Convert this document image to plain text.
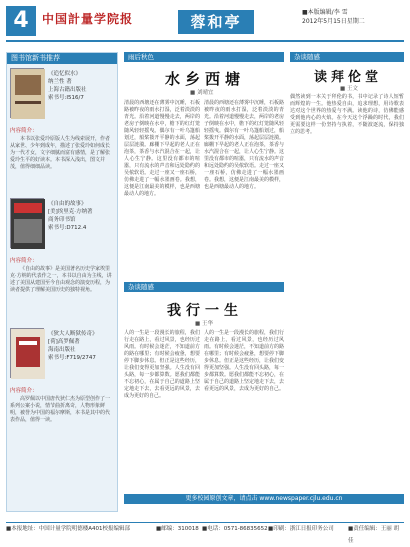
4	中国計量学院报	蓉和亭
■本版编辑/李 雪
2012年5月15日星期二
图书馆新书推荐
《追忆似水》
纳兰性 著
上海古籍出版社
索书号:I516/7
内容简介：
本书以张爱玲原版人生为线索展开，作者从家世、少年到成年，描述了张爱玲如何成长为一代才女，文字细腻而富有感情，是了解张爱玲生平的好读本。本书深入浅出，图文并茂，值得细细品读。
《自由的故事》
[美]埃里克·方纳著
商务印书馆
索书号:D712.4
内容简介：
《自由的故事》是美国著名历史学家埃里克·方纳的代表作之一，本书以自由为主线，讲述了美国从建国至今自由观念的演变历程，为读者提供了理解美国历史的独特视角。
《狄大人断狱传奇》
[荷]高罗佩著
海南出版社
索书号:F719/2747
内容简介：
高罗佩以中国唐代狄仁杰为原型创作了一系列公案小说，情节曲折离奇，人物形象鲜明，被誉为中国的福尔摩斯，本书是其中的代表作品，值得一读。
雨后秋色
水乡西塘
■ 刘晴宜
清晨的西塘还在薄雾中沉睡，石板路被昨夜的雨水打湿，泛着淡淡的青光。沿着河道慢慢走去，两岸的老房子倒映在水中，檐下的红灯笼随风轻轻摇曳。偶尔有一叶乌篷船划过，船桨拨开平静的水面，荡起层层涟漪。廊棚下早起的老人正在泡茶，茶香与水汽混合在一起，让人心生宁静。这里没有都市的喧嚣，只有流水的声音和远处隐约的吴侬软语。走过一座又一座石桥，仿佛走进了一幅水墨画卷。我想，这便是江南最美的模样，也是西塘最动人的地方。
清晨的西塘还在薄雾中沉睡，石板路被昨夜的雨水打湿，泛着淡淡的青光。沿着河道慢慢走去，两岸的老房子倒映在水中，檐下的红灯笼随风轻轻摇曳。偶尔有一叶乌篷船划过，船桨拨开平静的水面，荡起层层涟漪。廊棚下早起的老人正在泡茶，茶香与水汽混合在一起，让人心生宁静。这里没有都市的喧嚣，只有流水的声音和远处隐约的吴侬软语。走过一座又一座石桥，仿佛走进了一幅水墨画卷。我想，这便是江南最美的模样，也是西塘最动人的地方。
杂谈随感
读拜伦堂
■ 王文
偶然读到一本关于拜伦的书，书中记录了诗人短暂而辉煌的一生。他热爱自由，追求理想，用诗歌表达对这个世界的热爱与不满。读他的诗，仿佛能感受到他内心的火焰。在今天这个浮躁的时代，我们更需要这样一份坚持与执着，不随波逐流，保持独立的思考。
杂谈随感
我行一生
■ 王华
人的一生是一段漫长的旅程，我们行走在路上，看过风景，也经历过风雨。有时候会迷茫，不知道前方的路在哪里；有时候会疲惫，想要停下脚步休息。但正是这些经历，让我们变得更加坚强。人生没有回头路，每一步都算数。愿我们都能不忘初心，在属于自己的道路上坚定地走下去，去看更远的风景，去成为更好的自己。
人的一生是一段漫长的旅程，我们行走在路上，看过风景，也经历过风雨。有时候会迷茫，不知道前方的路在哪里；有时候会疲惫，想要停下脚步休息。但正是这些经历，让我们变得更加坚强。人生没有回头路，每一步都算数。愿我们都能不忘初心，在属于自己的道路上坚定地走下去，去看更远的风景，去成为更好的自己。
更多校园原创文章，请点击 www.newspaper.cjlu.edu.cn
■本报地址：中国计量学院明德楼A401校报编辑部	■邮编：310018 ■电话：0571-86835652 ■印刷：浙江日报印务公司	■责任编辑：王丽 胡佳
